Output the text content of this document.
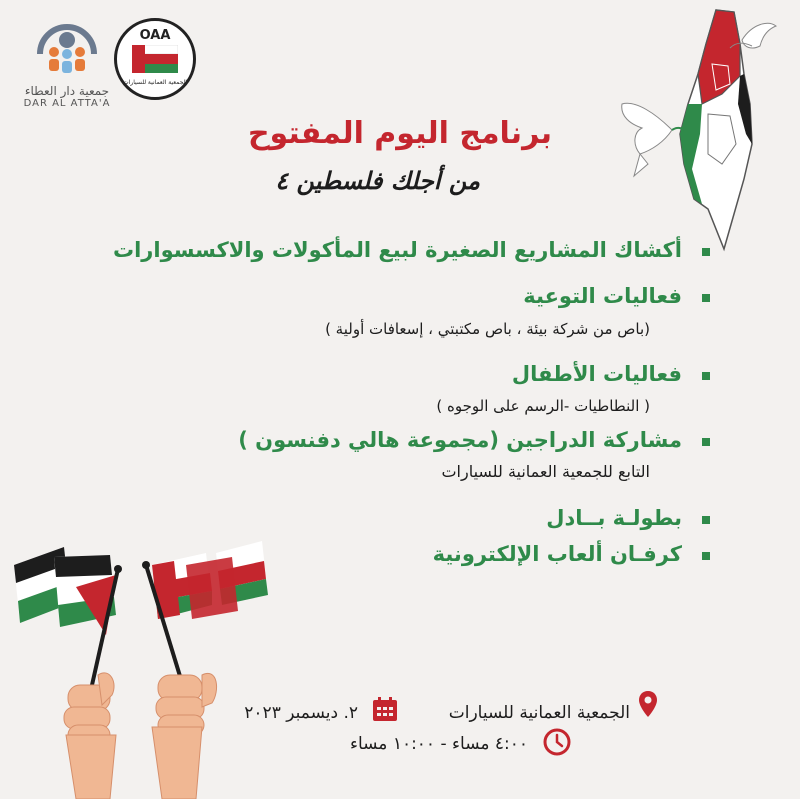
جمعية دار العطاء
DAR AL ATTA'A
OAA
الجمعية العمانية للسيارات
برنامج اليوم المفتوح
من أجلك فلسطين ٤
أكشاك المشاريع الصغيرة لبيع المأكولات والاكسسوارات
فعاليات التوعية
(باص من شركة بيئة ، باص مكتبتي ، إسعافات أولية )
فعاليات الأطفال
( النطاطيات -الرسم على الوجوه )
مشاركة الدراجين (مجموعة هالي دفنسون )
التابع للجمعية العمانية للسيارات
بطولـة بــادل
كرفـان ألعاب الإلكترونية
الجمعية العمانية للسيارات
٢. ديسمبر ٢٠٢٣
٤:٠٠ مساء - ١٠:٠٠ مساء
